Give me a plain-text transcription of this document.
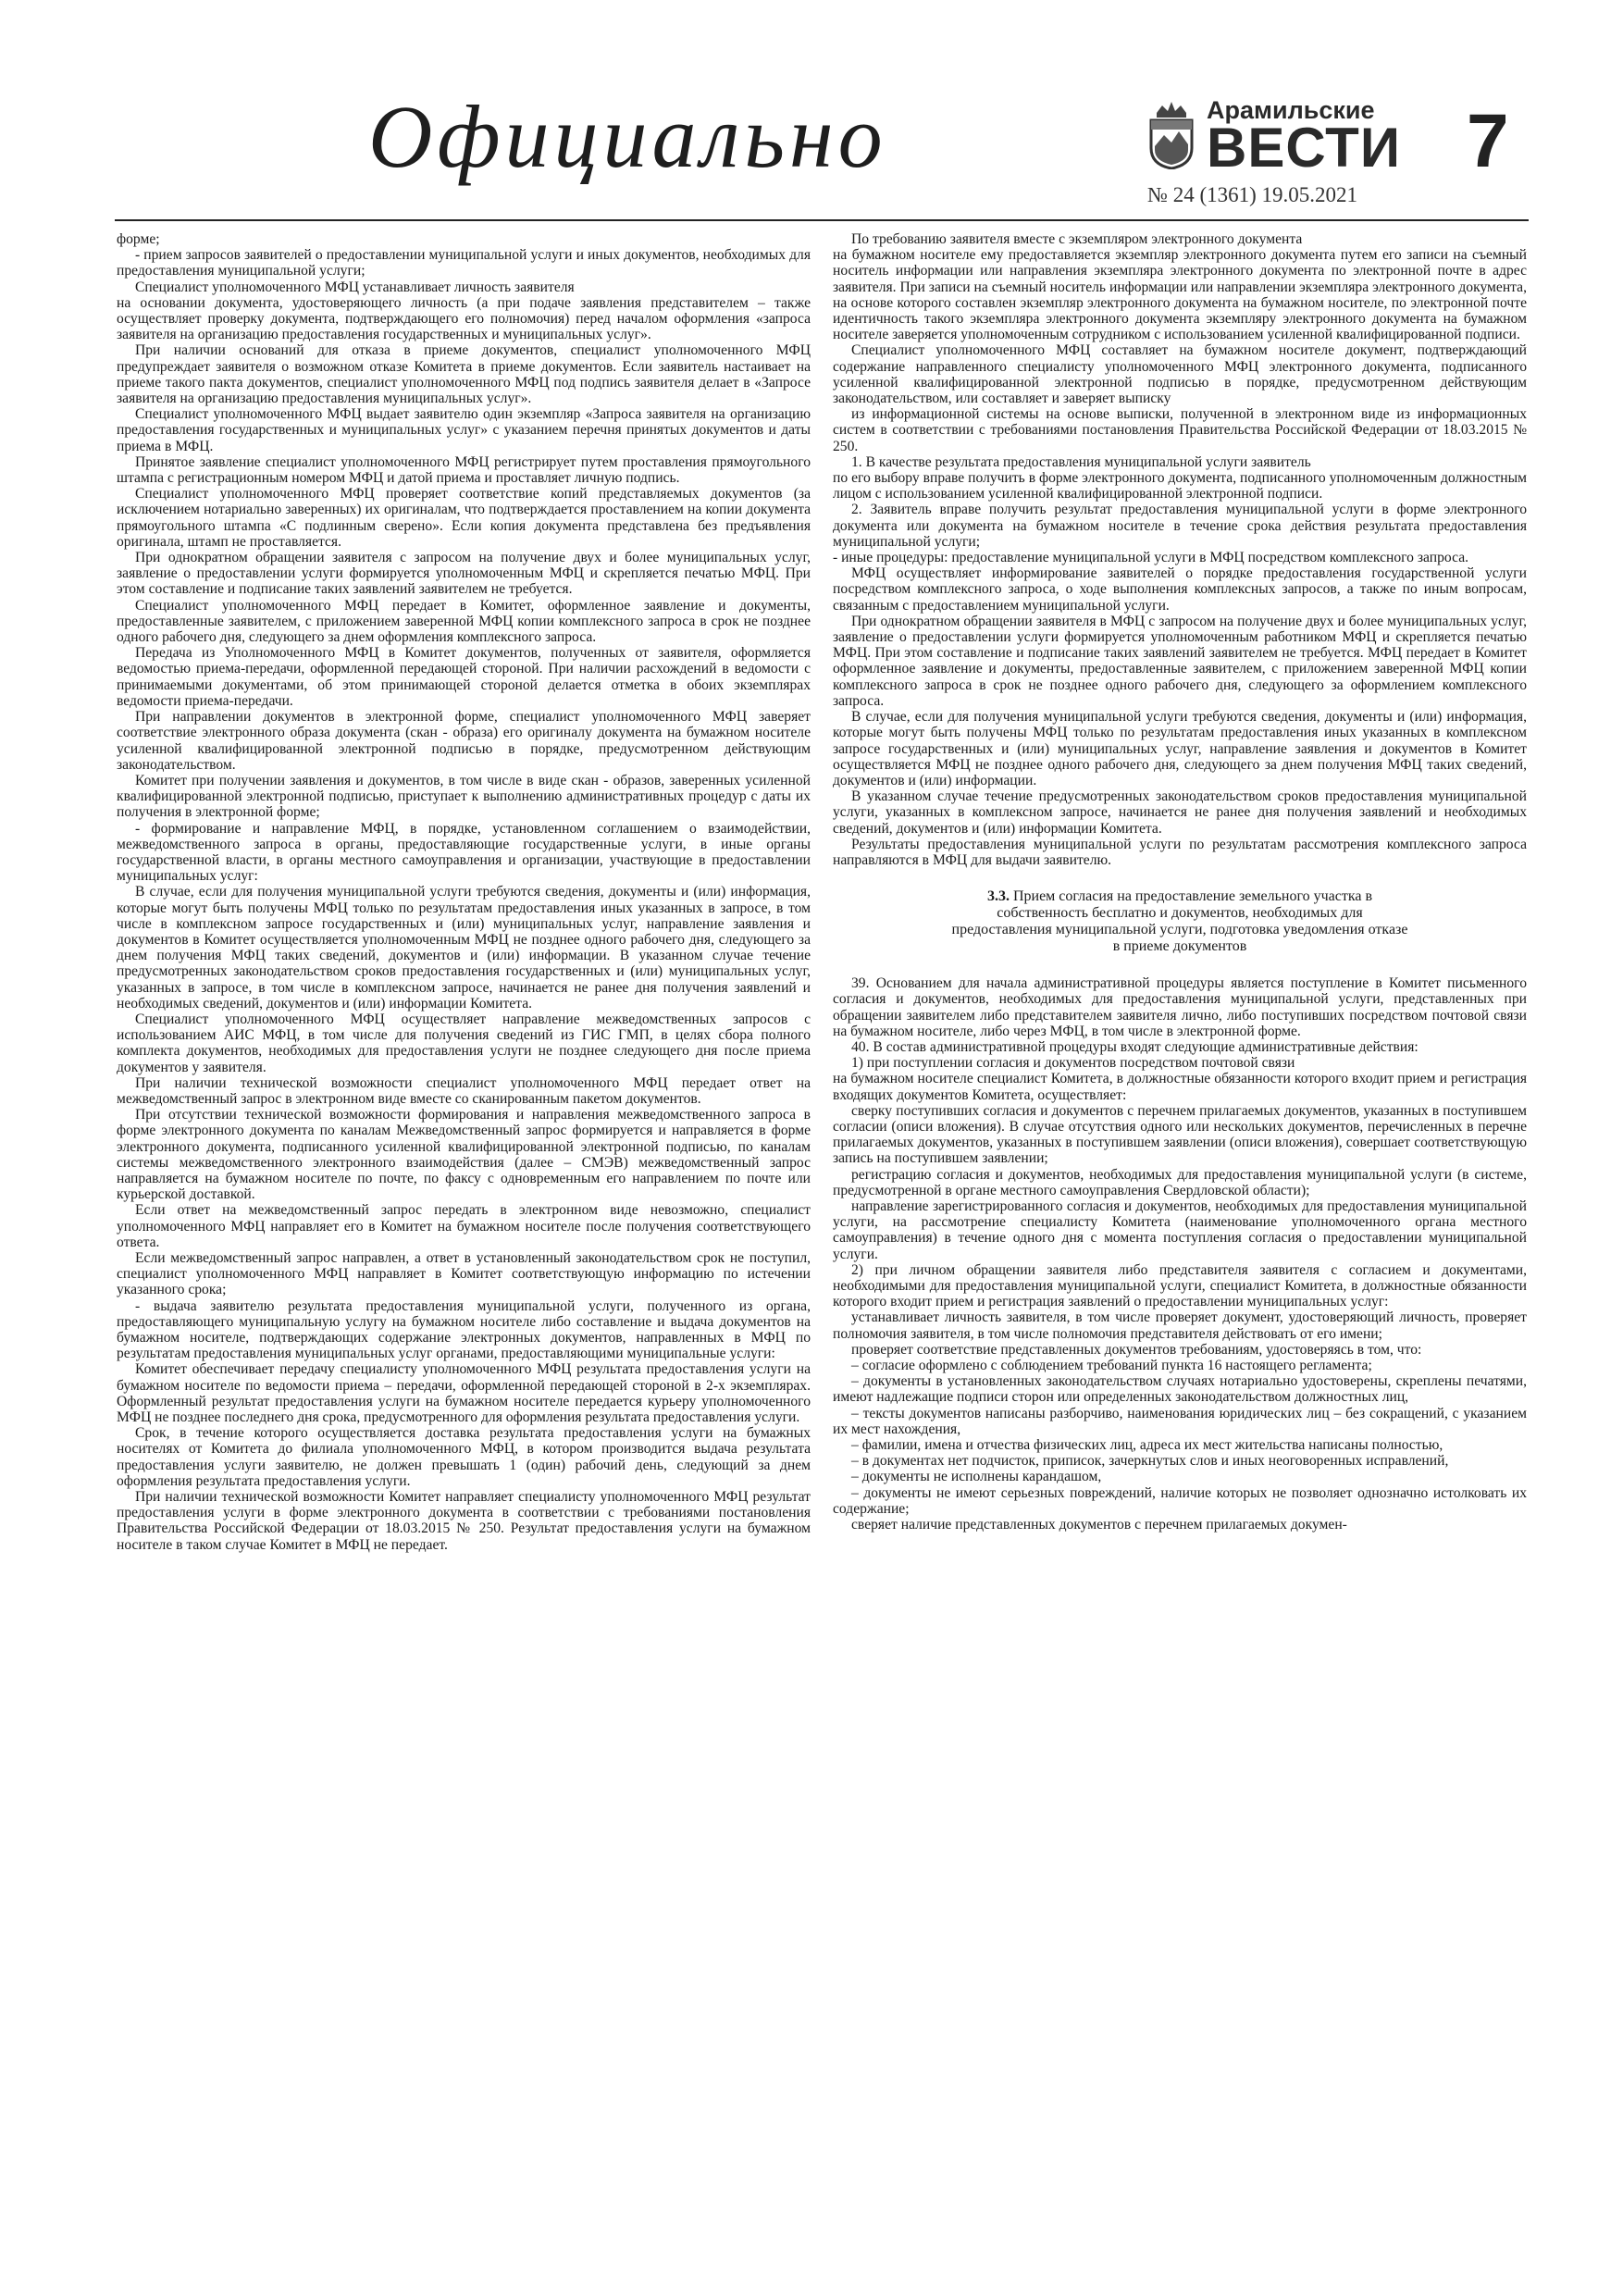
Официально	Арамильские
ВЕСТИ
№ 24 (1361) 19.05.2021
7

форме;

- прием запросов заявителей о предоставлении муниципальной услуги и иных документов, необходимых для предоставления муниципальной услуги;

Специалист уполномоченного МФЦ устанавливает личность заявителя

на основании документа, удостоверяющего личность (а при подаче заявления представителем – также осуществляет проверку документа, подтверждающего его полномочия) перед началом оформления «запроса заявителя на организацию предоставления государственных и муниципальных услуг».

При наличии оснований для отказа в приеме документов, специалист уполномоченного МФЦ предупреждает заявителя о возможном отказе Комитета в приеме документов. Если заявитель настаивает на приеме такого пакта документов, специалист уполномоченного МФЦ под подпись заявителя делает в «Запросе заявителя на организацию предоставления муниципальных услуг».

Специалист уполномоченного МФЦ выдает заявителю один экземпляр «Запроса заявителя на организацию предоставления государственных и муниципальных услуг» с указанием перечня принятых документов и даты приема в МФЦ.

Принятое заявление специалист уполномоченного МФЦ регистрирует путем проставления прямоугольного штампа с регистрационным номером МФЦ и датой приема и проставляет личную подпись.

Специалист уполномоченного МФЦ проверяет соответствие копий представляемых документов (за исключением нотариально заверенных) их оригиналам, что подтверждается проставлением на копии документа прямоугольного штампа «С подлинным сверено». Если копия документа представлена без предъявления оригинала, штамп не проставляется.

При однократном обращении заявителя с запросом на получение двух и более муниципальных услуг, заявление о предоставлении услуги формируется уполномоченным МФЦ и скрепляется печатью МФЦ. При этом составление и подписание таких заявлений заявителем не требуется.

Специалист уполномоченного МФЦ передает в Комитет, оформленное заявление и документы, предоставленные заявителем, с приложением заверенной МФЦ копии комплексного запроса в срок не позднее одного рабочего дня, следующего за днем оформления комплексного запроса.

Передача из Уполномоченного МФЦ в Комитет документов, полученных от заявителя, оформляется ведомостью приема-передачи, оформленной передающей стороной. При наличии расхождений в ведомости с принимаемыми документами, об этом принимающей стороной делается отметка в обоих экземплярах ведомости приема-передачи.

При направлении документов в электронной форме, специалист уполномоченного МФЦ заверяет соответствие электронного образа документа (скан - образа) его оригиналу документа на бумажном носителе усиленной квалифицированной электронной подписью в порядке, предусмотренном действующим законодательством.

Комитет при получении заявления и документов, в том числе в виде скан - образов, заверенных усиленной квалифицированной электронной подписью, приступает к выполнению административных процедур с даты их получения в электронной форме;

- формирование и направление МФЦ, в порядке, установленном соглашением о взаимодействии, межведомственного запроса в органы, предоставляющие государственные услуги, в иные органы государственной власти, в органы местного самоуправления и организации, участвующие в предоставлении муниципальных услуг:

В случае, если для получения муниципальной услуги требуются сведения, документы и (или) информация, которые могут быть получены МФЦ только по результатам предоставления иных указанных в запросе, в том числе в комплексном запросе государственных и (или) муниципальных услуг, направление заявления и документов в Комитет осуществляется уполномоченным МФЦ не позднее одного рабочего дня, следующего за днем получения МФЦ таких сведений, документов и (или) информации. В указанном случае течение предусмотренных законодательством сроков предоставления государственных и (или) муниципальных услуг, указанных в запросе, в том числе в комплексном запросе, начинается не ранее дня получения заявлений и необходимых сведений, документов и (или) информации Комитета.

Специалист уполномоченного МФЦ осуществляет направление межведомственных запросов с использованием АИС МФЦ, в том числе для получения сведений из ГИС ГМП, в целях сбора полного комплекта документов, необходимых для предоставления услуги не позднее следующего дня после приема документов у заявителя.

При наличии технической возможности специалист уполномоченного МФЦ передает ответ на межведомственный запрос в электронном виде вместе со сканированным пакетом документов.

При отсутствии технической возможности формирования и направления межведомственного запроса в форме электронного документа по каналам Межведомственный запрос формируется и направляется в форме электронного документа, подписанного усиленной квалифицированной электронной подписью, по каналам системы межведомственного электронного взаимодействия (далее – СМЭВ) межведомственный запрос направляется на бумажном носителе по почте, по факсу с одновременным его направлением по почте или курьерской доставкой.

Если ответ на межведомственный запрос передать в электронном виде невозможно, специалист уполномоченного МФЦ направляет его в Комитет на бумажном носителе после получения соответствующего ответа.

Если межведомственный запрос направлен, а ответ в установленный законодательством срок не поступил, специалист уполномоченного МФЦ направляет в Комитет соответствующую информацию по истечении указанного срока;

- выдача заявителю результата предоставления муниципальной услуги, полученного из органа, предоставляющего муниципальную услугу на бумажном носителе либо составление и выдача документов на бумажном носителе, подтверждающих содержание электронных документов, направленных в МФЦ по результатам предоставления муниципальных услуг органами, предоставляющими муниципальные услуги:

Комитет обеспечивает передачу специалисту уполномоченного МФЦ результата предоставления услуги на бумажном носителе по ведомости приема – передачи, оформленной передающей стороной в 2-х экземплярах. Оформленный результат предоставления услуги на бумажном носителе передается курьеру уполномоченного МФЦ не позднее последнего дня срока, предусмотренного для оформления результата предоставления услуги.

Срок, в течение которого осуществляется доставка результата предоставления услуги на бумажных носителях от Комитета до филиала уполномоченного МФЦ, в котором производится выдача результата предоставления услуги заявителю, не должен превышать 1 (один) рабочий день, следующий за днем оформления результата предоставления услуги.

При наличии технической возможности Комитет направляет специалисту уполномоченного МФЦ результат предоставления услуги в форме электронного документа в соответствии с требованиями постановления Правительства Российской Федерации от 18.03.2015 № 250. Результат предоставления услуги на бумажном носителе в таком случае Комитет в МФЦ не передает.

По требованию заявителя вместе с экземпляром электронного документа

на бумажном носителе ему предоставляется экземпляр электронного документа путем его записи на съемный носитель информации или направления экземпляра электронного документа по электронной почте в адрес заявителя. При записи на съемный носитель информации или направлении экземпляра электронного документа, на основе которого составлен экземпляр электронного документа на бумажном носителе, по электронной почте идентичность такого экземпляра электронного документа экземпляру электронного документа на бумажном носителе заверяется уполномоченным сотрудником с использованием усиленной квалифицированной подписи.

Специалист уполномоченного МФЦ составляет на бумажном носителе документ, подтверждающий содержание направленного специалисту уполномоченного МФЦ электронного документа, подписанного усиленной квалифицированной электронной подписью в порядке, предусмотренном действующим законодательством, или составляет и заверяет выписку

из информационной системы на основе выписки, полученной в электронном виде из информационных систем в соответствии с требованиями постановления Правительства Российской Федерации от 18.03.2015 № 250.

1. В качестве результата предоставления муниципальной услуги заявитель

по его выбору вправе получить в форме электронного документа, подписанного уполномоченным должностным лицом с использованием усиленной квалифицированной электронной подписи.

2. Заявитель вправе получить результат предоставления муниципальной услуги в форме электронного документа или документа на бумажном носителе в течение срока действия результата предоставления муниципальной услуги;

- иные процедуры: предоставление муниципальной услуги в МФЦ посредством комплексного запроса.

МФЦ осуществляет информирование заявителей о порядке предоставления государственной услуги посредством комплексного запроса, о ходе выполнения комплексных запросов, а также по иным вопросам, связанным с предоставлением муниципальной услуги.

При однократном обращении заявителя в МФЦ с запросом на получение двух и более муниципальных услуг, заявление о предоставлении услуги формируется уполномоченным работником МФЦ и скрепляется печатью МФЦ. При этом составление и подписание таких заявлений заявителем не требуется. МФЦ передает в Комитет оформленное заявление и документы, предоставленные заявителем, с приложением заверенной МФЦ копии комплексного запроса в срок не позднее одного рабочего дня, следующего за оформлением комплексного запроса.

В случае, если для получения муниципальной услуги требуются сведения, документы и (или) информация, которые могут быть получены МФЦ только по результатам предоставления иных указанных в комплексном запросе государственных и (или) муниципальных услуг, направление заявления и документов в Комитет осуществляется МФЦ не позднее одного рабочего дня, следующего за днем получения МФЦ таких сведений, документов и (или) информации.

В указанном случае течение предусмотренных законодательством сроков предоставления муниципальной услуги, указанных в комплексном запросе, начинается не ранее дня получения заявлений и необходимых сведений, документов и (или) информации Комитета.

Результаты предоставления муниципальной услуги по результатам рассмотрения комплексного запроса направляются в МФЦ для выдачи заявителю.

3.3. Прием согласия на предоставление земельного участка в
собственность бесплатно и документов, необходимых для
предоставления муниципальной услуги, подготовка уведомления отказе
в приеме документов

39. Основанием для начала административной процедуры является поступление в Комитет письменного согласия и документов, необходимых для предоставления муниципальной услуги, представленных при обращении заявителем либо представителем заявителя лично, либо поступивших посредством почтовой связи на бумажном носителе, либо через МФЦ, в том числе в электронной форме.

40. В состав административной процедуры входят следующие административные действия:

1) при поступлении согласия и документов посредством почтовой связи

на бумажном носителе специалист Комитета, в должностные обязанности которого входит прием и регистрация входящих документов Комитета, осуществляет:

сверку поступивших согласия и документов с перечнем прилагаемых документов, указанных в поступившем согласии (описи вложения). В случае отсутствия одного или нескольких документов, перечисленных в перечне прилагаемых документов, указанных в поступившем заявлении (описи вложения), совершает соответствующую запись на поступившем заявлении;

регистрацию согласия и документов, необходимых для предоставления муниципальной услуги (в системе, предусмотренной в органе местного самоуправления Свердловской области);

направление зарегистрированного согласия и документов, необходимых для предоставления муниципальной услуги, на рассмотрение специалисту Комитета (наименование уполномоченного органа местного самоуправления) в течение одного дня с момента поступления согласия о предоставлении муниципальной услуги.

2) при личном обращении заявителя либо представителя заявителя с согласием и документами, необходимыми для предоставления муниципальной услуги, специалист Комитета, в должностные обязанности которого входит прием и регистрация заявлений о предоставлении муниципальных услуг:

устанавливает личность заявителя, в том числе проверяет документ, удостоверяющий личность, проверяет полномочия заявителя, в том числе полномочия представителя действовать от его имени;

проверяет соответствие представленных документов требованиям, удостоверяясь в том, что:

– согласие оформлено с соблюдением требований пункта 16 настоящего регламента;

– документы в установленных законодательством случаях нотариально удостоверены, скреплены печатями, имеют надлежащие подписи сторон или определенных законодательством должностных лиц,

– тексты документов написаны разборчиво, наименования юридических лиц – без сокращений, с указанием их мест нахождения,

– фамилии, имена и отчества физических лиц, адреса их мест жительства написаны полностью,

– в документах нет подчисток, приписок, зачеркнутых слов и иных неоговоренных исправлений,

– документы не исполнены карандашом,

– документы не имеют серьезных повреждений, наличие которых не позволяет однозначно истолковать их содержание;

сверяет наличие представленных документов с перечнем прилагаемых докумен-
